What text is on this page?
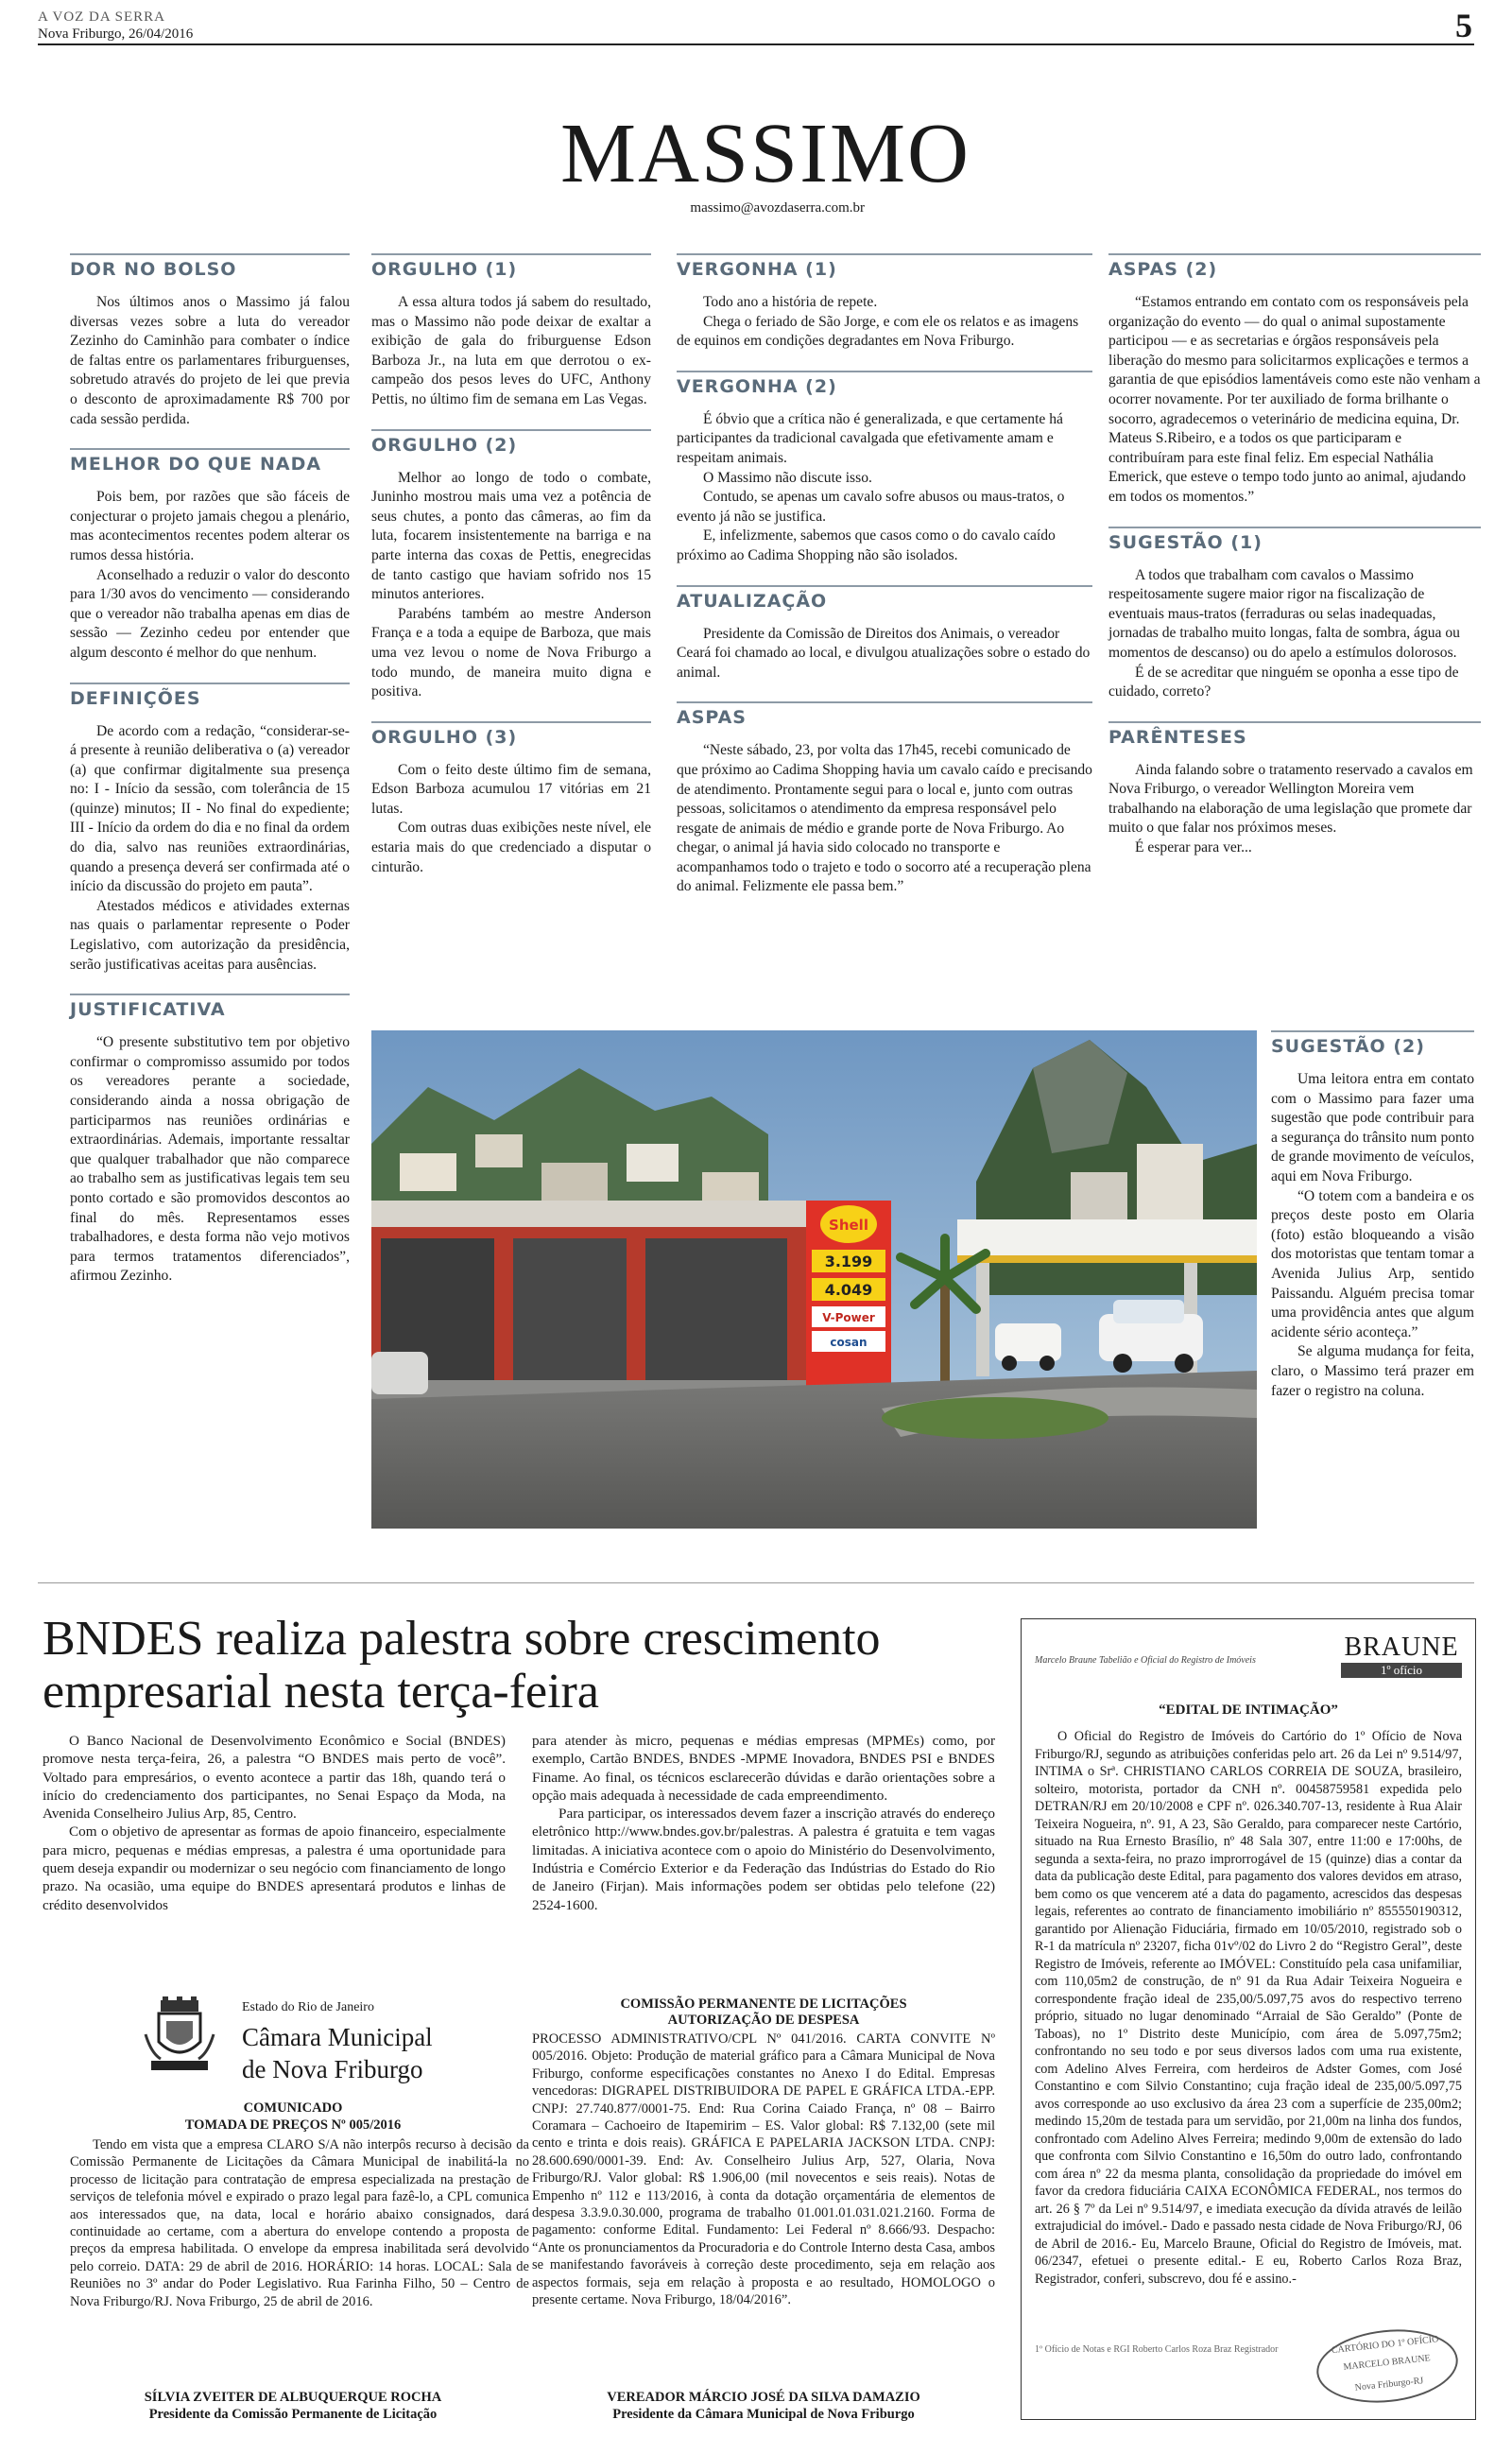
A VOZ DA SERRA
Nova Friburgo, 26/04/2016	5
MASSIMO
massimo@avozdaserra.com.br
DOR NO BOLSO

Nos últimos anos o Massimo já falou diversas vezes sobre a luta do vereador Zezinho do Caminhão para combater o índice de faltas entre os parlamentares friburguenses, sobretudo através do projeto de lei que previa o desconto de aproximadamente R$ 700 por cada sessão perdida.

MELHOR DO QUE NADA

Pois bem, por razões que são fáceis de conjecturar o projeto jamais chegou a plenário, mas acontecimentos recentes podem alterar os rumos dessa história.

Aconselhado a reduzir o valor do desconto para 1/30 avos do vencimento — considerando que o vereador não trabalha apenas em dias de sessão — Zezinho cedeu por entender que algum desconto é melhor do que nenhum.

DEFINIÇÕES

De acordo com a redação, “considerar-se-á presente à reunião deliberativa o (a) vereador (a) que confirmar digitalmente sua presença no: I - Início da sessão, com tolerância de 15 (quinze) minutos; II - No final do expediente; III - Início da ordem do dia e no final da ordem do dia, salvo nas reuniões extraordinárias, quando a presença deverá ser confirmada até o início da discussão do projeto em pauta”.

Atestados médicos e atividades externas nas quais o parlamentar represente o Poder Legislativo, com autorização da presidência, serão justificativas aceitas para ausências.

JUSTIFICATIVA

“O presente substitutivo tem por objetivo confirmar o compromisso assumido por todos os vereadores perante a sociedade, considerando ainda a nossa obrigação de participarmos nas reuniões ordinárias e extraordinárias. Ademais, importante ressaltar que qualquer trabalhador que não comparece ao trabalho sem as justificativas legais tem seu ponto cortado e são promovidos descontos ao final do mês. Representamos esses trabalhadores, e desta forma não vejo motivos para termos tratamentos diferenciados”, afirmou Zezinho.

ORGULHO (1)

A essa altura todos já sabem do resultado, mas o Massimo não pode deixar de exaltar a exibição de gala do friburguense Edson Barboza Jr., na luta em que derrotou o ex-campeão dos pesos leves do UFC, Anthony Pettis, no último fim de semana em Las Vegas.

ORGULHO (2)

Melhor ao longo de todo o combate, Juninho mostrou mais uma vez a potência de seus chutes, a ponto das câmeras, ao fim da luta, focarem insistentemente na barriga e na parte interna das coxas de Pettis, enegrecidas de tanto castigo que haviam sofrido nos 15 minutos anteriores.

Parabéns também ao mestre Anderson França e a toda a equipe de Barboza, que mais uma vez levou o nome de Nova Friburgo a todo mundo, de maneira muito digna e positiva.

ORGULHO (3)

Com o feito deste último fim de semana, Edson Barboza acumulou 17 vitórias em 21 lutas.

Com outras duas exibições neste nível, ele estaria mais do que credenciado a disputar o cinturão.

VERGONHA (1)

Todo ano a história de repete.

Chega o feriado de São Jorge, e com ele os relatos e as imagens de equinos em condições degradantes em Nova Friburgo.

VERGONHA (2)

É óbvio que a crítica não é generalizada, e que certamente há participantes da tradicional cavalgada que efetivamente amam e respeitam animais.

O Massimo não discute isso.

Contudo, se apenas um cavalo sofre abusos ou maus-tratos, o evento já não se justifica.

E, infelizmente, sabemos que casos como o do cavalo caído próximo ao Cadima Shopping não são isolados.

ATUALIZAÇÃO

Presidente da Comissão de Direitos dos Animais, o vereador Ceará foi chamado ao local, e divulgou atualizações sobre o estado do animal.

ASPAS

“Neste sábado, 23, por volta das 17h45, recebi comunicado de que próximo ao Cadima Shopping havia um cavalo caído e precisando de atendimento. Prontamente segui para o local e, junto com outras pessoas, solicitamos o atendimento da empresa responsável pelo resgate de animais de médio e grande porte de Nova Friburgo. Ao chegar, o animal já havia sido colocado no transporte e acompanhamos todo o trajeto e todo o socorro até a recuperação plena do animal. Felizmente ele passa bem.”

ASPAS (2)

“Estamos entrando em contato com os responsáveis pela organização do evento — do qual o animal supostamente participou — e as secretarias e órgãos responsáveis pela liberação do mesmo para solicitarmos explicações e termos a garantia de que episódios lamentáveis como este não venham a ocorrer novamente. Por ter auxiliado de forma brilhante o socorro, agradecemos o veterinário de medicina equina, Dr. Mateus S.Ribeiro, e a todos os que participaram e contribuíram para este final feliz. Em especial Nathália Emerick, que esteve o tempo todo junto ao animal, ajudando em todos os momentos.”

SUGESTÃO (1)

A todos que trabalham com cavalos o Massimo respeitosamente sugere maior rigor na fiscalização de eventuais maus-tratos (ferraduras ou selas inadequadas, jornadas de trabalho muito longas, falta de sombra, água ou momentos de descanso) ou do apelo a estímulos dolorosos.

É de se acreditar que ninguém se oponha a esse tipo de cuidado, correto?

PARÊNTESES

Ainda falando sobre o tratamento reservado a cavalos em Nova Friburgo, o vereador Wellington Moreira vem trabalhando na elaboração de uma legislação que promete dar muito o que falar nos próximos meses.

É esperar para ver...

SUGESTÃO (2)

Uma leitora entra em contato com o Massimo para fazer uma sugestão que pode contribuir para a segurança do trânsito num ponto de grande movimento de veículos, aqui em Nova Friburgo.

“O totem com a bandeira e os preços deste posto em Olaria (foto) estão bloqueando a visão dos motoristas que tentam tomar a Avenida Julius Arp, sentido Paissandu. Alguém precisa tomar uma providência antes que algum acidente sério aconteça.”

Se alguma mudança for feita, claro, o Massimo terá prazer em fazer o registro na coluna.

Shell
3.199
4.049
V-Power
cosan
BNDES realiza palestra sobre crescimento empresarial nesta terça-feira

O Banco Nacional de Desenvolvimento Econômico e Social (BNDES) promove nesta terça-feira, 26, a palestra “O BNDES mais perto de você”. Voltado para empresários, o evento acontece a partir das 18h, quando terá o início do credenciamento dos participantes, no Senai Espaço da Moda, na Avenida Conselheiro Julius Arp, 85, Centro.

Com o objetivo de apresentar as formas de apoio financeiro, especialmente para micro, pequenas e médias empresas, a palestra é uma oportunidade para quem deseja expandir ou modernizar o seu negócio com financiamento de longo prazo. Na ocasião, uma equipe do BNDES apresentará produtos e linhas de crédito desenvolvidos

para atender às micro, pequenas e médias empresas (MPMEs) como, por exemplo, Cartão BNDES, BNDES -MPME Inovadora, BNDES PSI e BNDES Finame. Ao final, os técnicos esclarecerão dúvidas e darão orientações sobre a opção mais adequada à necessidade de cada empreendimento.

Para participar, os interessados devem fazer a inscrição através do endereço eletrônico http://www.bndes.gov.br/palestras. A palestra é gratuita e tem vagas limitadas. A iniciativa acontece com o apoio do Ministério do Desenvolvimento, Indústria e Comércio Exterior e da Federação das Indústrias do Estado do Rio de Janeiro (Firjan). Mais informações podem ser obtidas pelo telefone (22) 2524-1600.

Marcelo Braune Tabelião e Oficial do Registro de Imóveis	BRAUNE
1º ofício
“EDITAL DE INTIMAÇÃO”

O Oficial do Registro de Imóveis do Cartório do 1º Ofício de Nova Friburgo/RJ, segundo as atribuições conferidas pelo art. 26 da Lei nº 9.514/97, INTIMA o Srª. CHRISTIANO CARLOS CORREIA DE SOUZA, brasileiro, solteiro, motorista, portador da CNH nº. 00458759581 expedida pelo DETRAN/RJ em 20/10/2008 e CPF nº. 026.340.707-13, residente à Rua Alair Teixeira Nogueira, nº. 91, A 23, São Geraldo, para comparecer neste Cartório, situado na Rua Ernesto Brasílio, nº 48 Sala 307, entre 11:00 e 17:00hs, de segunda a sexta-feira, no prazo improrrogável de 15 (quinze) dias a contar da data da publicação deste Edital, para pagamento dos valores devidos em atraso, bem como os que vencerem até a data do pagamento, acrescidos das despesas legais, referentes ao contrato de financiamento imobiliário nº 855550190312, garantido por Alienação Fiduciária, firmado em 10/05/2010, registrado sob o R-1 da matrícula nº 23207, ficha 01vº/02 do Livro 2 do “Registro Geral”, deste Registro de Imóveis, referente ao IMÓVEL: Constituído pela casa unifamiliar, com 110,05m2 de construção, de nº 91 da Rua Adair Teixeira Nogueira e correspondente fração ideal de 235,00/5.097,75 avos do respectivo terreno próprio, situado no lugar denominado “Arraial de São Geraldo” (Ponte de Taboas), no 1º Distrito deste Município, com área de 5.097,75m2; confrontando no seu todo e por seus diversos lados com uma rua existente, com Adelino Alves Ferreira, com herdeiros de Adster Gomes, com José Constantino e com Silvio Constantino; cuja fração ideal de 235,00/5.097,75 avos corresponde ao uso exclusivo da área 23 com a superfície de 235,00m2; medindo 15,20m de testada para um servidão, por 21,00m na linha dos fundos, confrontado com Adelino Alves Ferreira; medindo 9,00m de extensão do lado que confronta com Silvio Constantino e 16,50m do outro lado, confrontando com área nº 22 da mesma planta, consolidação da propriedade do imóvel em favor da credora fiduciária CAIXA ECONÔMICA FEDERAL, nos termos do art. 26 § 7º da Lei nº 9.514/97, e imediata execução da dívida através de leilão extrajudicial do imóvel.- Dado e passado nesta cidade de Nova Friburgo/RJ, 06 de Abril de 2016.- Eu, Marcelo Braune, Oficial do Registro de Imóveis, mat. 06/2347, efetuei o presente edital.- E eu, Roberto Carlos Roza Braz, Registrador, conferi, subscrevo, dou fé e assino.-

1º Ofício de Notas e RGI Roberto Carlos Roza Braz Registrador	CARTÓRIO DO 1º OFÍCIO
MARCELO BRAUNE
Nova Friburgo-RJ
Estado do Rio de Janeiro
Câmara Municipal
de Nova Friburgo
COMUNICADO
TOMADA DE PREÇOS Nº 005/2016

Tendo em vista que a empresa CLARO S/A não interpôs recurso à decisão da Comissão Permanente de Licitações da Câmara Municipal de inabilitá-la no processo de licitação para contratação de empresa especializada na prestação de serviços de telefonia móvel e expirado o prazo legal para fazê-lo, a CPL comunica aos interessados que, na data, local e horário abaixo consignados, dará continuidade ao certame, com a abertura do envelope contendo a proposta de preços da empresa habilitada. O envelope da empresa inabilitada será devolvido pelo correio. DATA: 29 de abril de 2016. HORÁRIO: 14 horas. LOCAL: Sala de Reuniões no 3º andar do Poder Legislativo. Rua Farinha Filho, 50 – Centro de Nova Friburgo/RJ. Nova Friburgo, 25 de abril de 2016.

SÍLVIA ZVEITER DE ALBUQUERQUE ROCHA
Presidente da Comissão Permanente de Licitação
COMISSÃO PERMANENTE DE LICITAÇÕES
AUTORIZAÇÃO DE DESPESA

PROCESSO ADMINISTRATIVO/CPL Nº 041/2016. CARTA CONVITE Nº 005/2016. Objeto: Produção de material gráfico para a Câmara Municipal de Nova Friburgo, conforme especificações constantes no Anexo I do Edital. Empresas vencedoras: DIGRAPEL DISTRIBUIDORA DE PAPEL E GRÁFICA LTDA.-EPP. CNPJ: 27.740.877/0001-75. End: Rua Corina Caiado França, nº 08 – Bairro Coramara – Cachoeiro de Itapemirim – ES. Valor global: R$ 7.132,00 (sete mil cento e trinta e dois reais). GRÁFICA E PAPELARIA JACKSON LTDA. CNPJ: 28.600.690/0001-39. End: Av. Conselheiro Julius Arp, 527, Olaria, Nova Friburgo/RJ. Valor global: R$ 1.906,00 (mil novecentos e seis reais). Notas de Empenho nº 112 e 113/2016, à conta da dotação orçamentária de elementos de despesa 3.3.9.0.30.000, programa de trabalho 01.001.01.031.021.2160. Forma de pagamento: conforme Edital. Fundamento: Lei Federal nº 8.666/93. Despacho: “Ante os pronunciamentos da Procuradoria e do Controle Interno desta Casa, ambos se manifestando favoráveis à correção deste procedimento, seja em relação aos aspectos formais, seja em relação à proposta e ao resultado, HOMOLOGO o presente certame. Nova Friburgo, 18/04/2016”.

VEREADOR MÁRCIO JOSÉ DA SILVA DAMAZIO
Presidente da Câmara Municipal de Nova Friburgo
